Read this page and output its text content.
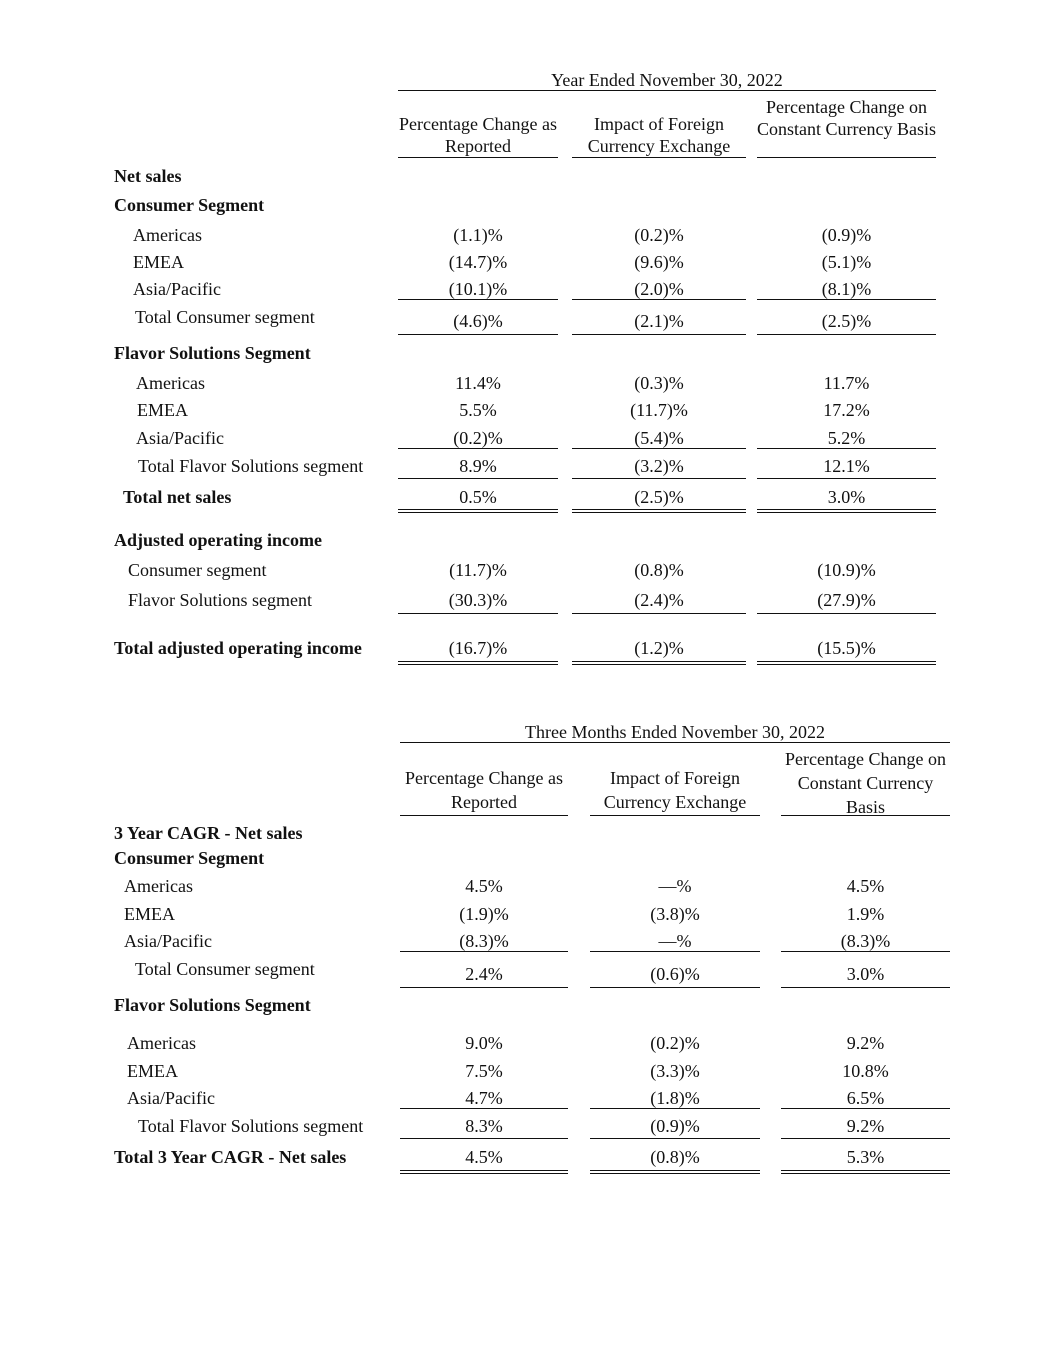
Year Ended November 30, 2022
Percentage Change as Reported
Impact of Foreign Currency Exchange
Percentage Change on Constant Currency Basis
Net sales
Consumer Segment
Americas	(1.1)%	(0.2)%	(0.9)%
EMEA	(14.7)%	(9.6)%	(5.1)%
Asia/Pacific	(10.1)%	(2.0)%	(8.1)%
Total Consumer segment	(4.6)%	(2.1)%	(2.5)%
Flavor Solutions Segment
Americas	11.4%	(0.3)%	11.7%
EMEA	5.5%	(11.7)%	17.2%
Asia/Pacific	(0.2)%	(5.4)%	5.2%
Total Flavor Solutions segment	8.9%	(3.2)%	12.1%
Total net sales	0.5%	(2.5)%	3.0%
Adjusted operating income
Consumer segment	(11.7)%	(0.8)%	(10.9)%
Flavor Solutions segment	(30.3)%	(2.4)%	(27.9)%
Total adjusted operating income	(16.7)%	(1.2)%	(15.5)%
Three Months Ended November 30, 2022
Percentage Change as Reported
Impact of Foreign Currency Exchange
Percentage Change on Constant Currency Basis
3 Year CAGR - Net sales
Consumer Segment
Americas	4.5%	—%	4.5%
EMEA	(1.9)%	(3.8)%	1.9%
Asia/Pacific	(8.3)%	—%	(8.3)%
Total Consumer segment	2.4%	(0.6)%	3.0%
Flavor Solutions Segment
Americas	9.0%	(0.2)%	9.2%
EMEA	7.5%	(3.3)%	10.8%
Asia/Pacific	4.7%	(1.8)%	6.5%
Total Flavor Solutions segment	8.3%	(0.9)%	9.2%
Total 3 Year CAGR - Net sales	4.5%	(0.8)%	5.3%
